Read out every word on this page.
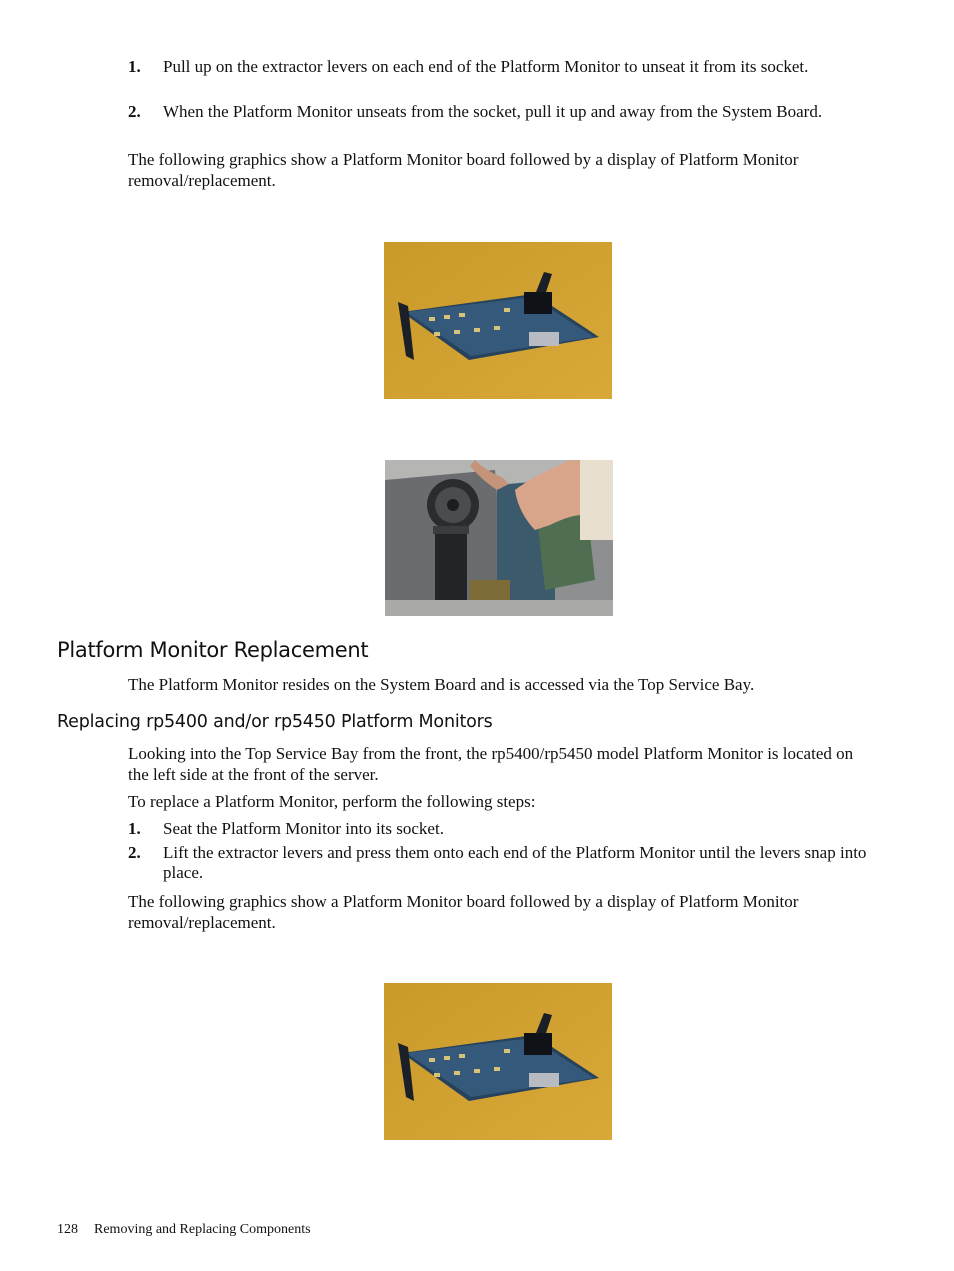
1. Pull up on the extractor levers on each end of the Platform Monitor to unseat it from its socket.
2. When the Platform Monitor unseats from the socket, pull it up and away from the System Board.
The following graphics show a Platform Monitor board followed by a display of Platform Monitor removal/replacement.
Platform Monitor Replacement
The Platform Monitor resides on the System Board and is accessed via the Top Service Bay.
Replacing rp5400 and/or rp5450 Platform Monitors
Looking into the Top Service Bay from the front, the rp5400/rp5450 model Platform Monitor is located on the left side at the front of the server.
To replace a Platform Monitor, perform the following steps:
1. Seat the Platform Monitor into its socket.
2. Lift the extractor levers and press them onto each end of the Platform Monitor until the levers snap into place.
The following graphics show a Platform Monitor board followed by a display of Platform Monitor removal/replacement.
128 Removing and Replacing Components
